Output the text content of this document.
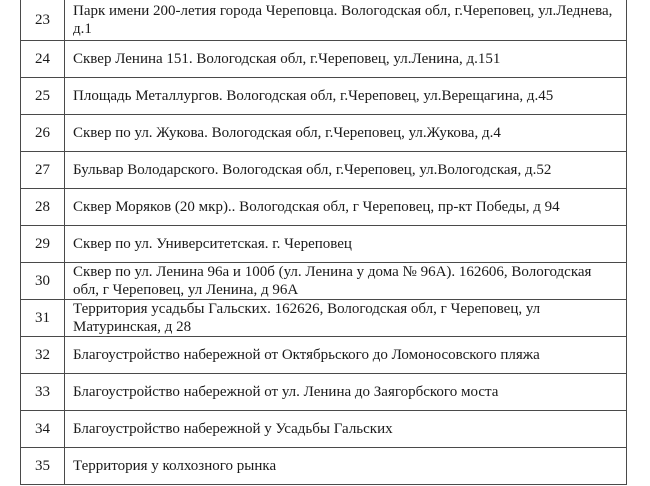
23	Парк имени 200-летия города Череповца. Вологодская обл, г.Череповец, ул.Леднева, д.1
24	Сквер Ленина 151. Вологодская обл, г.Череповец, ул.Ленина, д.151
25	Площадь Металлургов. Вологодская обл, г.Череповец, ул.Верещагина, д.45
26	Сквер по ул. Жукова. Вологодская обл, г.Череповец, ул.Жукова, д.4
27	Бульвар Володарского. Вологодская обл, г.Череповец, ул.Вологодская, д.52
28	Сквер Моряков (20 мкр).. Вологодская обл, г Череповец, пр-кт Победы, д 94
29	Сквер по ул. Университетская. г. Череповец
30	Сквер по ул. Ленина 96а и 100б (ул. Ленина у дома № 96А). 162606, Вологодская обл, г Череповец, ул Ленина, д 96А
31	Территория усадьбы Гальских. 162626, Вологодская обл, г Череповец, ул Матуринская, д 28
32	Благоустройство набережной от Октябрьского до Ломоносовского пляжа
33	Благоустройство набережной от ул. Ленина до Заягорбского моста
34	Благоустройство набережной у Усадьбы Гальских
35	Территория у колхозного рынка
